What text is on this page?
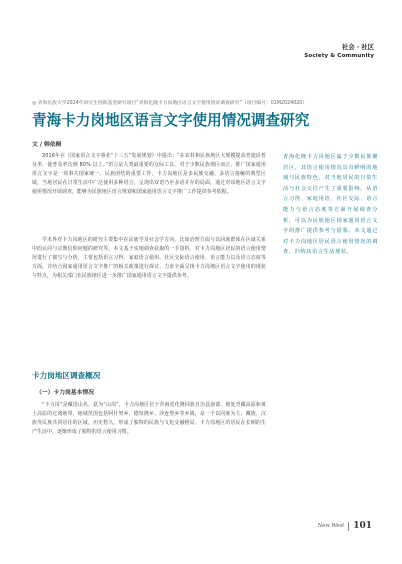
社会 · 社区
Society & Community
◎ 青海民族大学2024年研究生创新基金研究项目“青海化隆卡力岗地区语言文字使用情况调查研究”（项目编号：01M2024020）
青海卡力岗地区语言文字使用情况调查研究
文 / 韩依桐

2016年在《国家语言文字事业“十三五”发展规划》中提出：“在农村和民族地区大规模提高普通话普及率，使普及率达到 80% 以上。”语言是人类最重要的交际工具，对于少数民族地区而言，推广国家通用语言文字是一项事关国家统一、民族团结的重要工作。卡力岗地区是多民族交融、多语言接触的典型区域，当地居民在日常生活中广泛使用多种语言，呈现出双语乃至多语并存的局面。通过对该地区语言文字使用情况开展调查，能够为民族地区语言规划和国家通用语言文字推广工作提供参考依据。

学术界对卡力岗地区的研究主要集中在民族学及社会学方向，比如治理方面与以回族群体在区域关系中的认同与宗教信仰问题的研究等。本文基于实地调查获取的一手资料，对卡力岗地区居民的语言使用情况进行了描写与分析，主要包括语言习得、家庭语言使用、社区交际语言使用、语言能力以及语言态度等方面，并结合国家通用语言文字推广的相关政策进行探讨，力求全面呈现卡力岗地区语言文字使用的现状与特点，为相关部门在民族地区进一步推广国家通用语言文字提供参考。

卡力岗地区调查概况
（一）卡力岗基本情况

“卡力岗”是藏语山名，意为“山岗”，卡力岗地区位于青海省化隆回族自治县南部，地处青藏高原和黄土高原的过渡地带，地域范围包括阿什努乡、德恒隆乡、沙连堡乡等乡镇，是一个以回族为主、藏族、汉族等民族共同居住的区域，历史悠久，形成了独特的民族与文化交融格局。卡力岗地区的居民在长期的生产生活中，逐渐形成了独特的语言使用习惯。

青海化隆卡力岗地区属于少数民族聚居区，其语言使用情况具有鲜明的地域与民族特色，对当地居民的日常生活与社会交往产生了重要影响。从语言习得、家庭用语、社区交际、语言能力与语言态度等方面开展调查分析，可以为民族地区国家通用语言文字的推广提供参考与借鉴。本文通过对卡力岗地区居民语言使用情况的调查，归纳其语言生活现状。

New West 101
